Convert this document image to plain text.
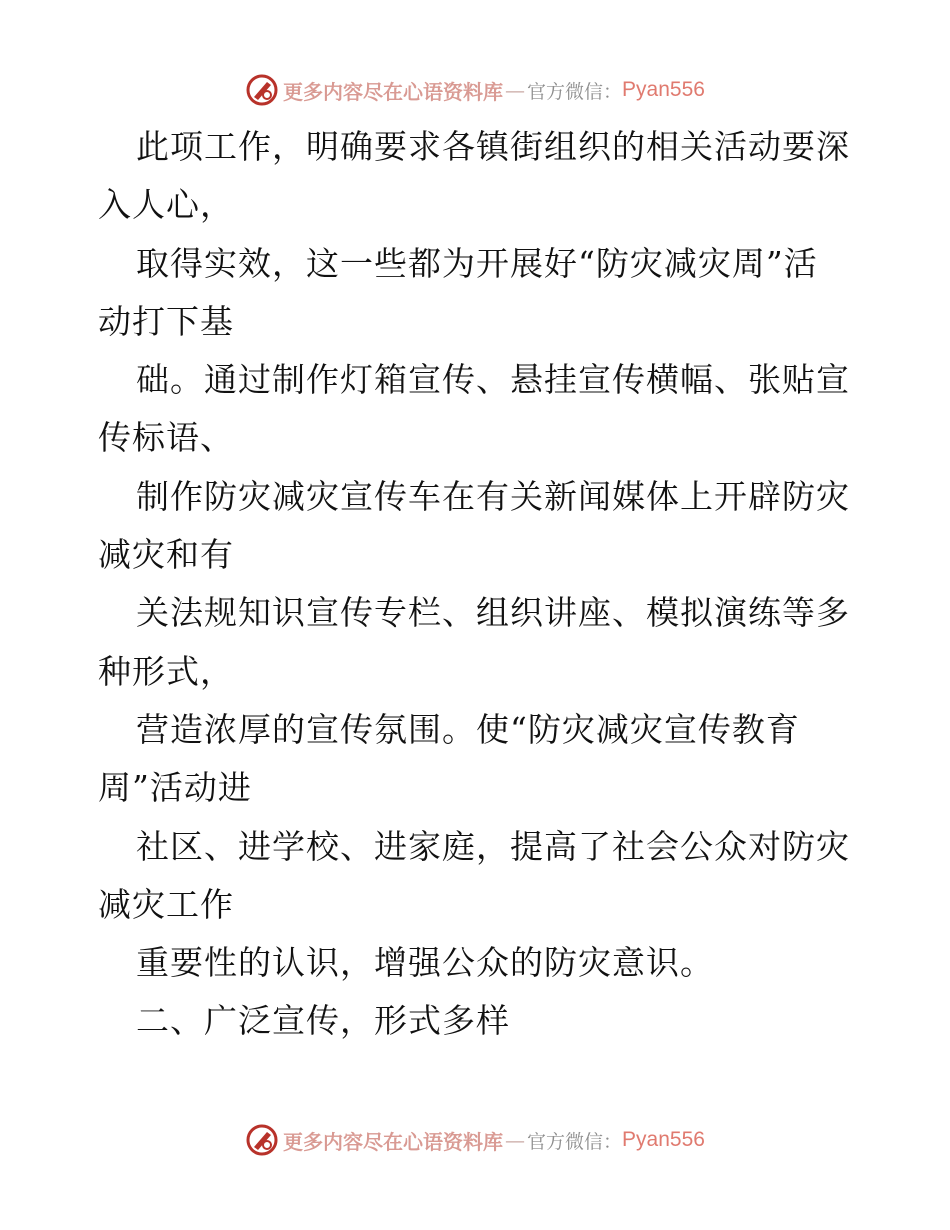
更多内容尽在心语资料库 — 官方微信： Pyan556
此项工作，明确要求各镇街组织的相关活动要深
入人心，
取得实效，这一些都为开展好“防灾减灾周”活
动打下基
础。通过制作灯箱宣传、悬挂宣传横幅、张贴宣
传标语、
制作防灾减灾宣传车在有关新闻媒体上开辟防灾
减灾和有
关法规知识宣传专栏、组织讲座、模拟演练等多
种形式，
营造浓厚的宣传氛围。使“防灾减灾宣传教育
周”活动进
社区、进学校、进家庭，提高了社会公众对防灾
减灾工作
重要性的认识，增强公众的防灾意识。
二、广泛宣传，形式多样
更多内容尽在心语资料库 — 官方微信： Pyan556
